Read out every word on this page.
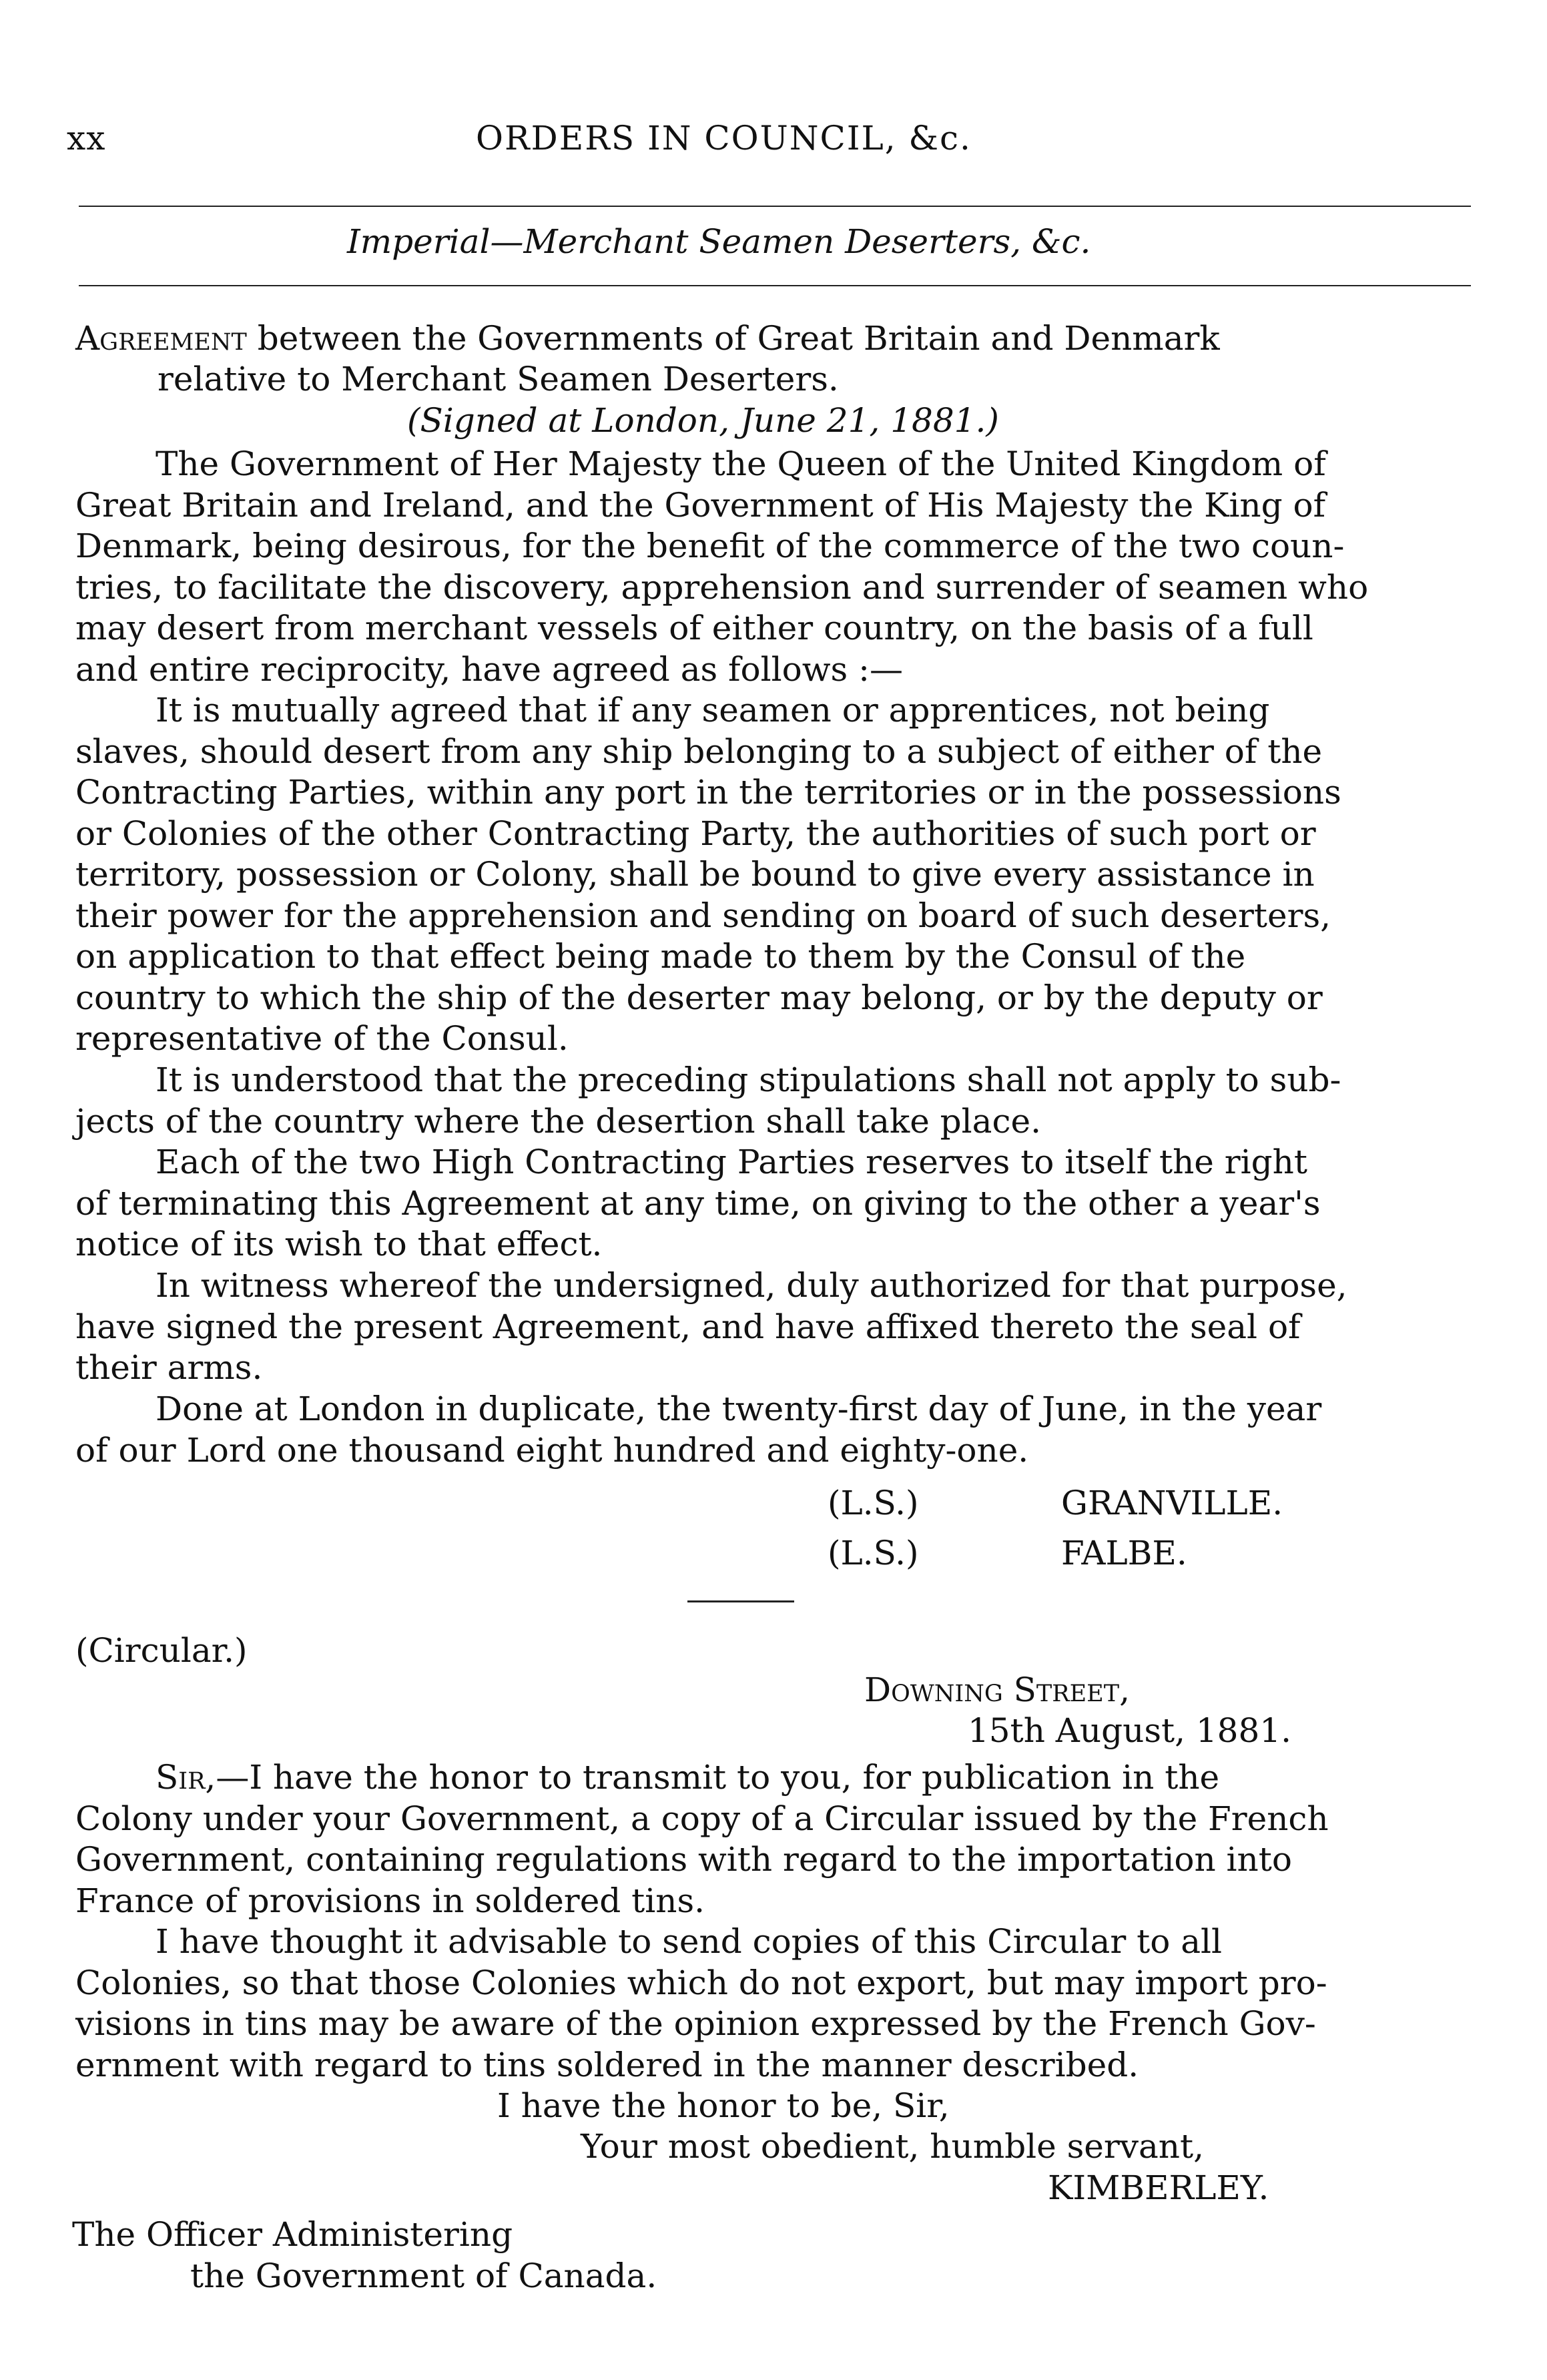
xx	ORDERS IN COUNCIL, &c.
Imperial—Merchant Seamen Deserters, &c.
Agreement between the Governments of Great Britain and Denmark
relative to Merchant Seamen Deserters.
(Signed at London, June 21, 1881.)
The Government of Her Majesty the Queen of the United Kingdom of
Great Britain and Ireland, and the Government of His Majesty the King of
Denmark, being desirous, for the benefit of the commerce of the two coun-
tries, to facilitate the discovery, apprehension and surrender of seamen who
may desert from merchant vessels of either country, on the basis of a full
and entire reciprocity, have agreed as follows :—
It is mutually agreed that if any seamen or apprentices, not being
slaves, should desert from any ship belonging to a subject of either of the
Contracting Parties, within any port in the territories or in the possessions
or Colonies of the other Contracting Party, the authorities of such port or
territory, possession or Colony, shall be bound to give every assistance in
their power for the apprehension and sending on board of such deserters,
on application to that effect being made to them by the Consul of the
country to which the ship of the deserter may belong, or by the deputy or
representative of the Consul.
It is understood that the preceding stipulations shall not apply to sub-
jects of the country where the desertion shall take place.
Each of the two High Contracting Parties reserves to itself the right
of terminating this Agreement at any time, on giving to the other a year's
notice of its wish to that effect.
In witness whereof the undersigned, duly authorized for that purpose,
have signed the present Agreement, and have affixed thereto the seal of
their arms.
Done at London in duplicate, the twenty-first day of June, in the year
of our Lord one thousand eight hundred and eighty-one.
(L.S.)	GRANVILLE.
(L.S.)	FALBE.
(Circular.)
Downing Street,
15th August, 1881.
Sir,—I have the honor to transmit to you, for publication in the
Colony under your Government, a copy of a Circular issued by the French
Government, containing regulations with regard to the importation into
France of provisions in soldered tins.
I have thought it advisable to send copies of this Circular to all
Colonies, so that those Colonies which do not export, but may import pro-
visions in tins may be aware of the opinion expressed by the French Gov-
ernment with regard to tins soldered in the manner described.
I have the honor to be, Sir,
Your most obedient, humble servant,
KIMBERLEY.
The Officer Administering
the Government of Canada.
